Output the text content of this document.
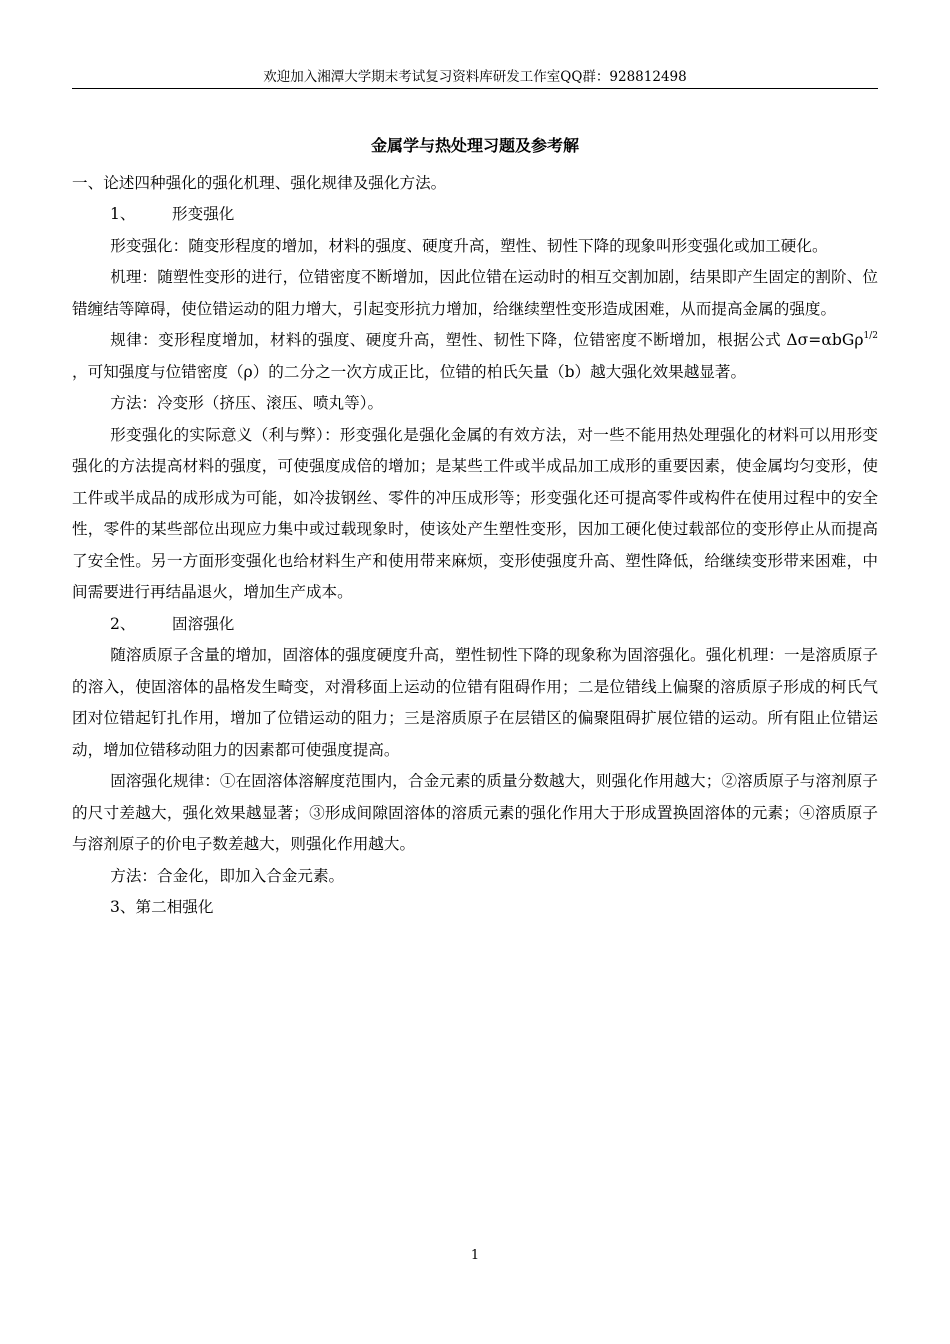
欢迎加入湘潭大学期末考试复习资料库研发工作室QQ群：928812498
金属学与热处理习题及参考解

一、论述四种强化的强化机理、强化规律及强化方法。

1、 形变强化

形变强化：随变形程度的增加，材料的强度、硬度升高，塑性、韧性下降的现象叫形变强化或加工硬化。

机理：随塑性变形的进行，位错密度不断增加，因此位错在运动时的相互交割加剧，结果即产生固定的割阶、位错缠结等障碍，使位错运动的阻力增大，引起变形抗力增加，给继续塑性变形造成困难，从而提高金属的强度。

规律：变形程度增加，材料的强度、硬度升高，塑性、韧性下降，位错密度不断增加，根据公式 Δσ=αbGρ$^{1/2}$ ，可知强度与位错密度（ρ）的二分之一次方成正比，位错的柏氏矢量（b）越大强化效果越显著。

方法：冷变形（挤压、滚压、喷丸等）。

形变强化的实际意义（利与弊）：形变强化是强化金属的有效方法，对一些不能用热处理强化的材料可以用形变强化的方法提高材料的强度，可使强度成倍的增加；是某些工件或半成品加工成形的重要因素，使金属均匀变形，使工件或半成品的成形成为可能，如冷拔钢丝、零件的冲压成形等；形变强化还可提高零件或构件在使用过程中的安全性，零件的某些部位出现应力集中或过载现象时，使该处产生塑性变形，因加工硬化使过载部位的变形停止从而提高了安全性。另一方面形变强化也给材料生产和使用带来麻烦，变形使强度升高、塑性降低，给继续变形带来困难，中间需要进行再结晶退火，增加生产成本。

2、 固溶强化

随溶质原子含量的增加，固溶体的强度硬度升高，塑性韧性下降的现象称为固溶强化。强化机理：一是溶质原子的溶入，使固溶体的晶格发生畸变，对滑移面上运动的位错有阻碍作用；二是位错线上偏聚的溶质原子形成的柯氏气团对位错起钉扎作用，增加了位错运动的阻力；三是溶质原子在层错区的偏聚阻碍扩展位错的运动。所有阻止位错运动，增加位错移动阻力的因素都可使强度提高。

固溶强化规律：①在固溶体溶解度范围内，合金元素的质量分数越大，则强化作用越大；②溶质原子与溶剂原子的尺寸差越大，强化效果越显著；③形成间隙固溶体的溶质元素的强化作用大于形成置换固溶体的元素；④溶质原子与溶剂原子的价电子数差越大，则强化作用越大。

方法：合金化，即加入合金元素。

3、第二相强化

1
